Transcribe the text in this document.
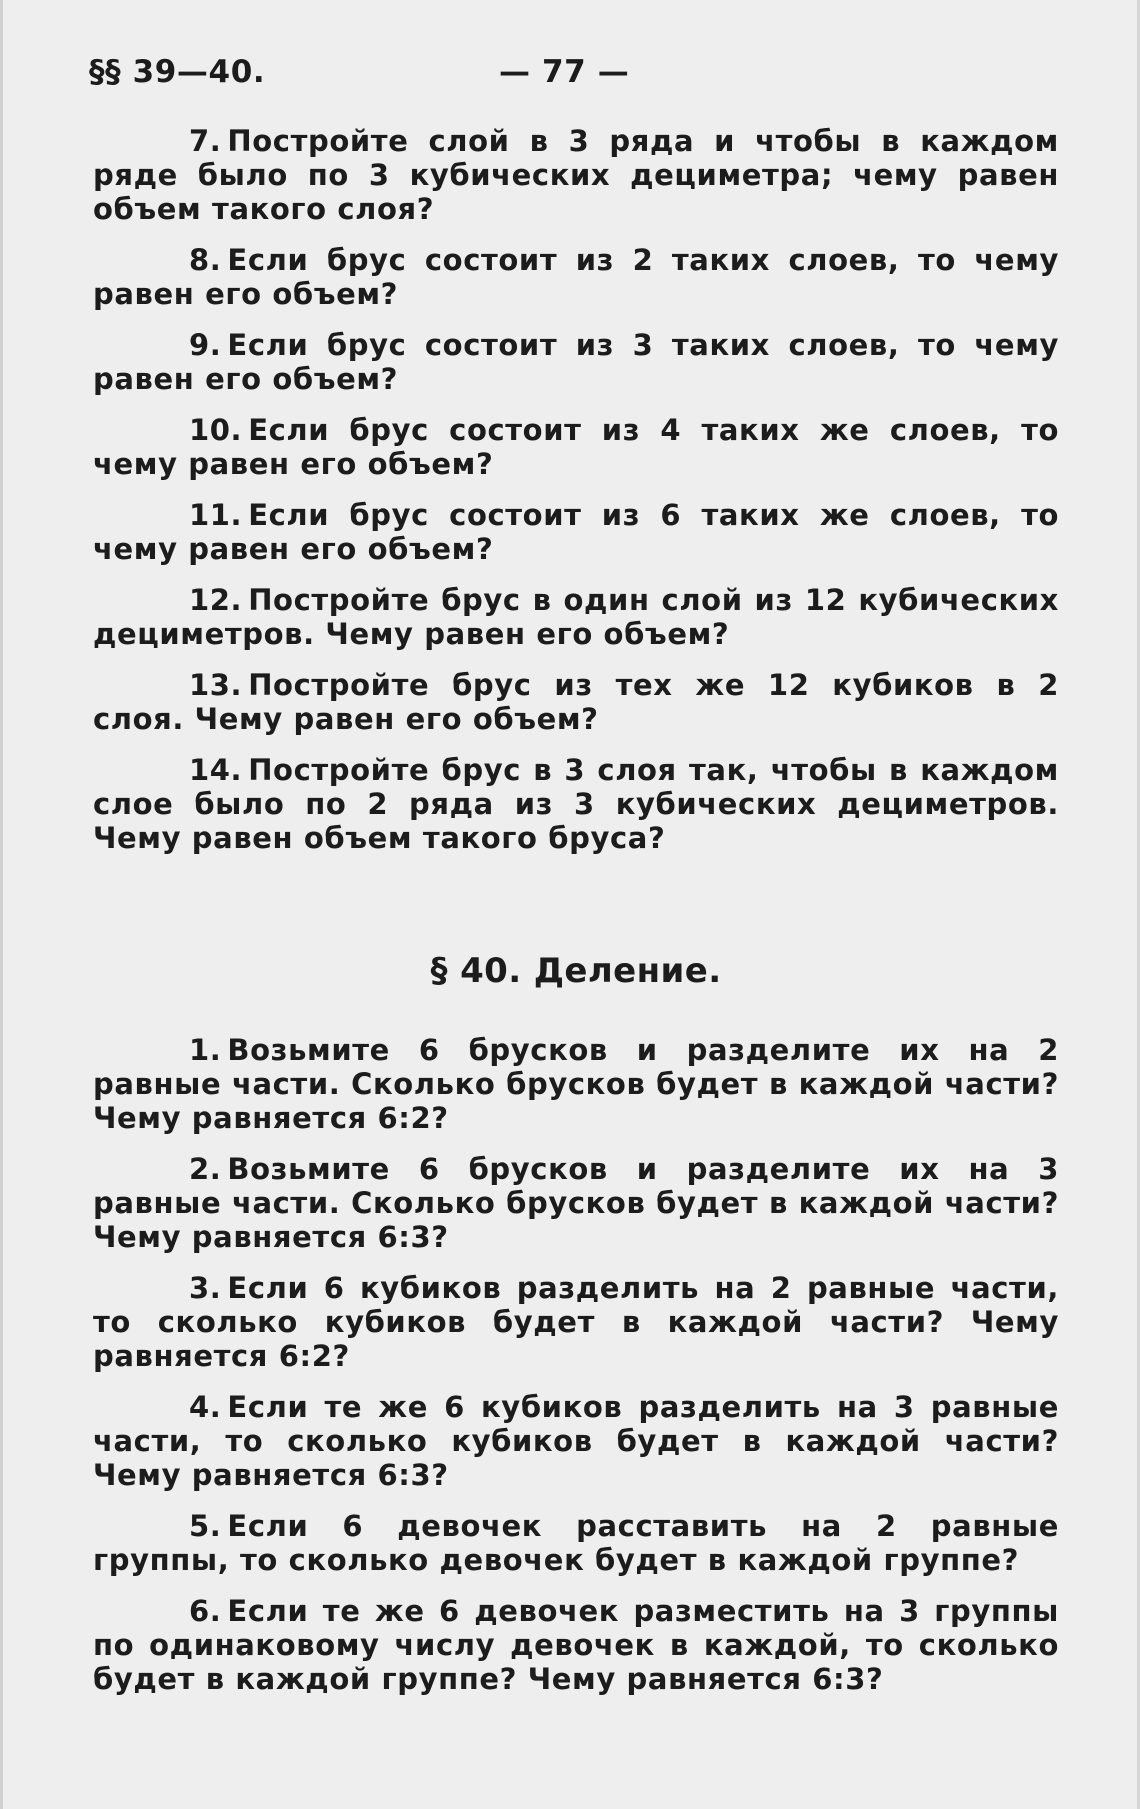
§§ 39—40.	— 77 —
7. Постройте слой в 3 ряда и чтобы в каждом ряде было по 3 кубических дециметра; чему равен объем такого слоя?
8. Если брус состоит из 2 таких слоев, то чему равен его объем?
9. Если брус состоит из 3 таких слоев, то чему равен его объем?
10. Если брус состоит из 4 таких же слоев, то чему равен его объем?
11. Если брус состоит из 6 таких же слоев, то чему равен его объем?
12. Постройте брус в один слой из 12 кубических дециметров. Чему равен его объем?
13. Постройте брус из тех же 12 кубиков в 2 слоя. Чему равен его объем?
14. Постройте брус в 3 слоя так, чтобы в каждом слое было по 2 ряда из 3 кубических дециметров. Чему равен объем такого бруса?
§ 40. Деление.
1. Возьмите 6 брусков и разделите их на 2 равные части. Сколько брусков будет в каждой части? Чему равняется 6:2?
2. Возьмите 6 брусков и разделите их на 3 равные части. Сколько брусков будет в каждой части? Чему равняется 6:3?
3. Если 6 кубиков разделить на 2 равные части, то сколько кубиков будет в каждой части? Чему равняется 6:2?
4. Если те же 6 кубиков разделить на 3 равные части, то сколько кубиков будет в каждой части? Чему равняется 6:3?
5. Если 6 девочек расставить на 2 равные группы, то сколько девочек будет в каждой группе?
6. Если те же 6 девочек разместить на 3 группы по одинаковому числу девочек в каждой, то сколько будет в каждой группе? Чему равняется 6:3?
